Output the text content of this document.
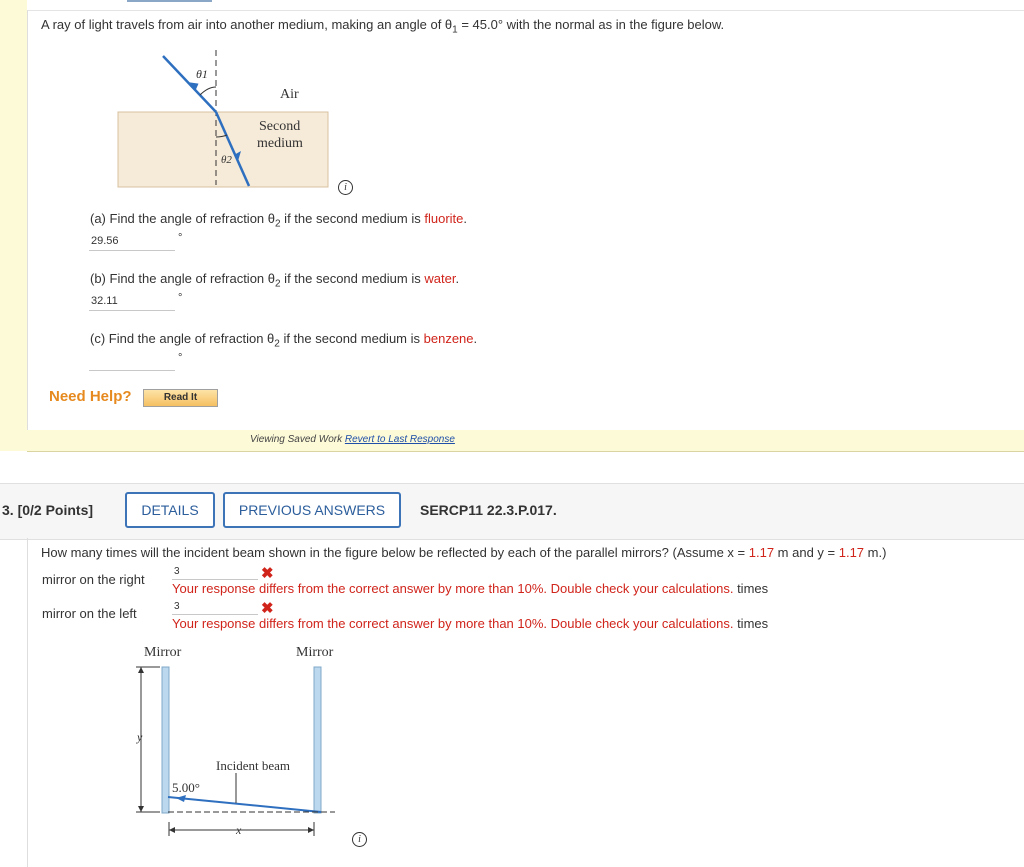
A ray of light travels from air into another medium, making an angle of $\theta_1 = 45.0^\circ$ with the normal as in the figure below.
θ1
θ2
Air
Second
medium
i
(a) Find the angle of refraction $\theta_2$ if the second medium is fluorite.
29.56
°
(b) Find the angle of refraction $\theta_2$ if the second medium is water.
32.11
°
(c) Find the angle of refraction $\theta_2$ if the second medium is benzene.
°
Need Help?	Read It
Viewing Saved Work Revert to Last Response
3. [0/2 Points]	DETAILS	PREVIOUS ANSWERS	SERCP11 22.3.P.017.
How many times will the incident beam shown in the figure below be reflected by each of the parallel mirrors? (Assume x = 1.17 m and y = 1.17 m.)
mirror on the right
3	✖
Your response differs from the correct answer by more than 10%. Double check your calculations. times
mirror on the left
3	✖
Your response differs from the correct answer by more than 10%. Double check your calculations. times
Mirror	Mirror
y
Incident beam
5.00°
x
i
